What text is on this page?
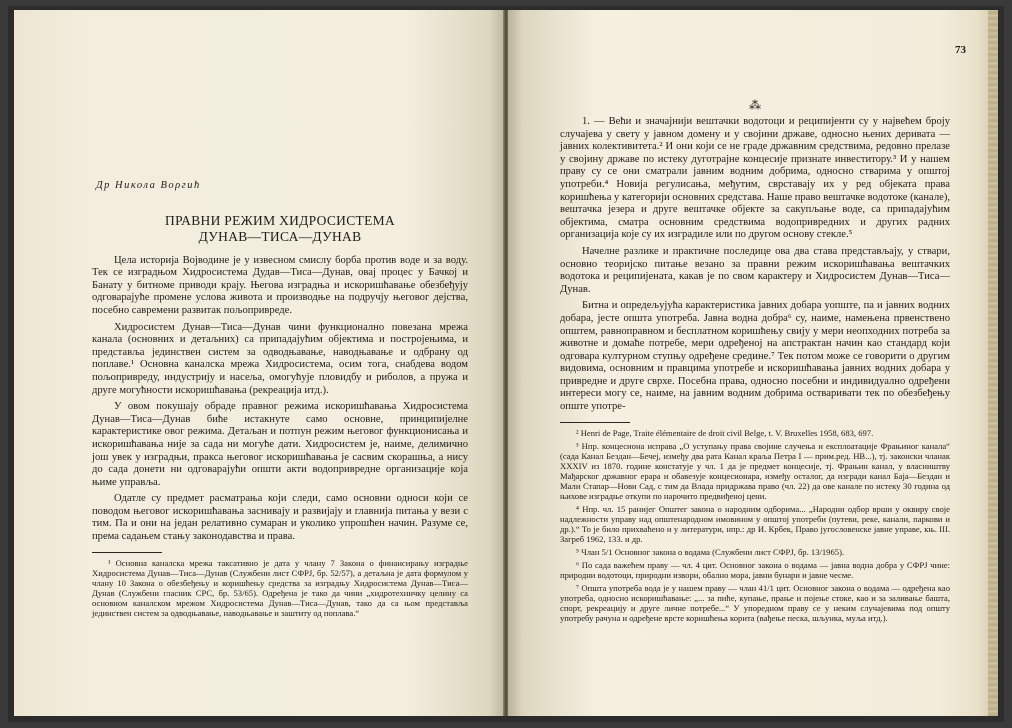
Др Никола Вορгић
ПРАВНИ РЕЖИМ ХИДРОСИСТЕМА
ДУНАВ—ТИСА—ДУНАВ

Цела историја Војводине је у извесном смислу борба против воде и за воду. Тек се изградњом Хидросистема Дудав—Тиса—Дунав, овај процес у Бачкој и Банату у битноме приводи крају. Његова изградња и искоришћавање обезбеђују одговарајуће промене услова живота и производње на подручју његовог дејства, посебно савремени развитак пољопривреде.

Хидросистем Дунав—Тиса—Дунав чини функционално повезана мрежа канала (основних и детаљних) са припадајућим објектима и постројењима, и представља јединствен систем за одводњавање, наводњавање и одбрану од поплаве.¹ Основна каналска мрежа Хидросистема, осим тога, снабдева водом пољопривреду, индустрију и насеља, омогућује пловидбу и риболов, а пружа и друге могућности искоришћавања (рекреација итд.).

У овом покушају обраде правног режима искоришћавања Хидросистема Дунав—Тиса—Дунав биће истакнуте само основне, принципијелне карактеристике овог режима. Детаљан и потпун режим његовог функционисања и искоришћавања није за сада ни могуће дати. Хидросистем је, наиме, делимично још увек у изградњи, пракса његовог искоришћавања је сасвим скорашња, а нису до сада донети ни одговарајући општи акти водопривредне организације која њиме управља.

Одатле су предмет расматрања који следи, само основни односи који се поводом његовог искоришћавања заснивају и развијају и главнија питања у вези с тим. Па и они на један релативно сумаран и уколико упрошћен начин. Разуме се, према садањем стању законодавства и права.

¹ Основна каналска мрежа таксативно је дата у члану 7 Закона о финансирању изградње Хидросистема Дунав—Тиса—Дунав (Службени лист СФРЈ, бр. 52/57), а детаљна је дата формулом у члану 10 Закона о обезбеђењу и коришћењу средства за изградњу Хидросистема Дунав—Тиса—Дунав (Службени гласник СРС, бр. 53/65). Одређена је тако да чини „хидротехничку целину са основном каналском мрежом Хидросистема Дунав—Тиса—Дунав, тако да са њом представља јединствен систем за одводњавање, наводњавање и заштиту од поплава.“
73
⁂

1. — Већи и значајнији вештачки водотоци и реципијенти су у највећем броју случајева у свету у јавном домену и у својини државе, односно њених деривата — јавних колективитета.² И они који се не граде државним средствима, редовно прелазе у својину државе по истеку дуготрајне концесије признате инвеститору.³ И у нашем праву су се они сматрали јавним водним добрима, односно стварима у општој употреби.⁴ Новија регулисања, међутим, сврставају их у ред објеката права коришћења у категорији основних средстава. Наше право вештачке водотоке (канале), вештачка језера и друге вештачке објекте за сакупљање воде, са припадајућим објектима, сматра основним средствима водопривредних и других радних организација које су их изградиле или по другом основу стекле.⁵

Начелне разлике и практичне последице ова два става представљају, у ствари, основно теоријско питање везано за правни режим искоришћавања вештачких водотока и реципијената, какав је по свом карактеру и Хидросистем Дунав—Тиса—Дунав.

Битна и опредељујућа карактеристика јавних добара уопште, па и јавних водних добара, јесте општа употреба. Јавна водна добра⁶ су, наиме, намењена првенствено општем, равноправном и бесплатном коришћењу свију у мери неопходних потреба за животне и домаће потребе, мери одређеној на апстрактан начин као стандард који одговара културном ступњу одређене средине.⁷ Тек потом може се говорити о другим видовима, основним и правцима употребе и искоришћавања јавних водних добара у привредне и друге сврхе. Посебна права, односно посебни и индивидуално одређени интереси могу се, наиме, на јавним водним добрима остваривати тек по обезбеђењу опште употре-

² Henri de Page, Traite élémentaire de droit civil Belge, t. V. Bruxelles 1958, 683, 697.
³ Нпр. концесиона исправа „О уступању права својине случења и експлоатације Фрањиног канала“ (сада Канал Бездан—Бечеј, између два рата Канал краља Петра I — прим.ред. НВ...), тј. законски чланак XXXIV из 1870. године констатује у чл. 1 да је предмет концесије, тј. Фрањин канал, у власништву Мађарског државног ерара и обавезује концесионара, између осталог, да изгради канал Баја—Бездан и Мали Стапар—Нови Сад, с тим да Влада придржава право (чл. 22) да ове канале по истеку 30 година од њихове изградње откупи по нарочито предвиђеној цени.
⁴ Нпр. чл. 15 ранијег Општег закона о народним одборима... „Народни одбор врши у оквиру своје надлежности управу над општенародном имовином у општој употреби (путеви, реке, канали, паркови и др.).“ То је било прихваћено и у литератури, нпр.: др И. Крбек, Право југословенске јавне управе, књ. III. Загреб 1962, 133. и др.
⁵ Члан 5/1 Основног закона о водама (Службени лист СФРЈ, бр. 13/1965).
⁶ По сада важећем праву — чл. 4 цит. Основног закона о водама — јавна водна добра у СФРЈ чине: природни водотоци, природни извори, обално мора, јавни бунари и јавне чесме.
⁷ Општа употреба вода је у нашем праву — члан 41/1 цит. Основног закона о водама — одређена као употреба, односно искоришћавање: „... за пиће, купање, прање и појење стоке, као и за заливање башта, спорт, рекреацију и друге личне потребе...“ У упоредном праву се у неким случајевима под општу употребу рачуна и одређене врсте коришћења корита (вађење песка, шљунка, муља итд.).
